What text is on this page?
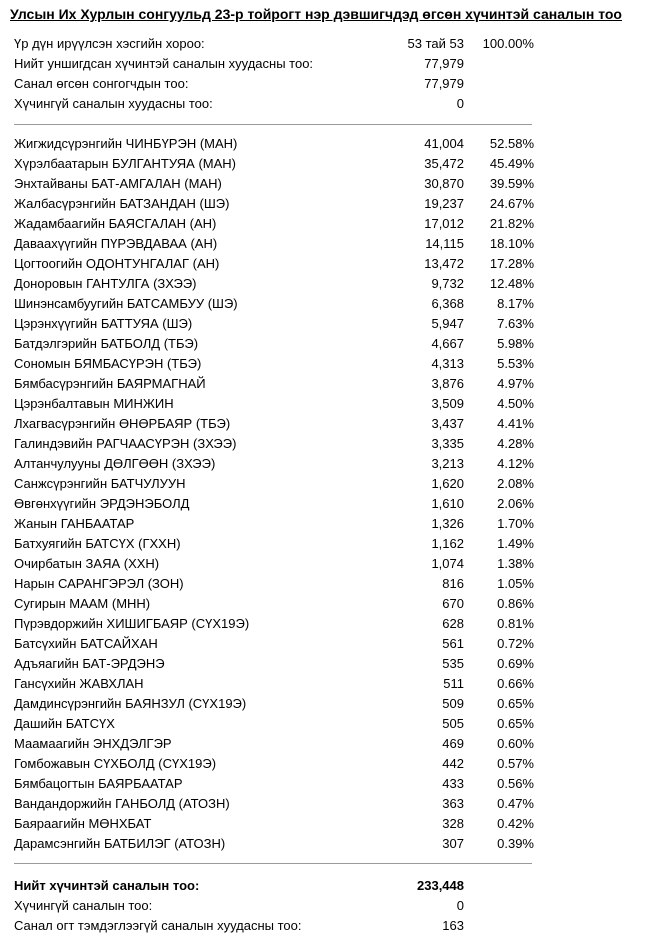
Улсын Их Хурлын сонгуульд 23-р тойрогт нэр дэвшигчдэд өгсөн хүчинтэй саналын тоо
Үр дүн ирүүлсэн хэсгийн хороо:	53 тай 53 100.00%
Нийт уншигдсан хүчинтэй саналын хуудасны тоо:	77,979
Санал өгсөн сонгогчдын тоо:	77,979
Хүчингүй саналын хуудасны тоо:	0
Жигжидсүрэнгийн ЧИНБҮРЭН (МАН)	41,004 52.58%
Хүрэлбаатарын БУЛГАНТУЯА (МАН)	35,472 45.49%
Энхтайваны БАТ-АМГАЛАН (МАН)	30,870 39.59%
Жалбасүрэнгийн БАТЗАНДАН (ШЭ)	19,237 24.67%
Жадамбаагийн БАЯСГАЛАН (АН)	17,012 21.82%
Даваахүүгийн ПҮРЭВДАВАА (АН)	14,115 18.10%
Цогтоогийн ОДОНТУНГАЛАГ (АН)	13,472 17.28%
Доноровын ГАНТУЛГА (ЗХЭЭ)	9,732 12.48%
Шинэнсамбуугийн БАТСАМБУУ (ШЭ)	6,368	8.17%
Цэрэнхүүгийн БАТТУЯА (ШЭ)	5,947	7.63%
Батдэлгэрийн БАТБОЛД (ТБЭ)	4,667	5.98%
Сономын БЯМБАСҮРЭН (ТБЭ)	4,313	5.53%
Бямбасүрэнгийн БАЯРМАГНАЙ	3,876	4.97%
Цэрэнбалтавын МИНЖИН	3,509	4.50%
Лхагвасүрэнгийн ӨНӨРБАЯР (ТБЭ)	3,437	4.41%
Галиндэвийн РАГЧААСҮРЭН (ЗХЭЭ)	3,335	4.28%
Алтанчулууны ДӨЛГӨӨН (ЗХЭЭ)	3,213	4.12%
Санжсүрэнгийн БАТЧУЛУУН	1,620	2.08%
Өвгөнхүүгийн ЭРДЭНЭБОЛД	1,610	2.06%
Жанын ГАНБААТАР	1,326	1.70%
Батхуягийн БАТСҮХ (ГХХН)	1,162	1.49%
Очирбатын ЗАЯА (ХХН)	1,074	1.38%
Нарын САРАНГЭРЭЛ (ЗОН)	816	1.05%
Сугирын МААМ (МНН)	670	0.86%
Пүрэвдоржийн ХИШИГБАЯР (СҮХ19Э)	628	0.81%
Батсүхийн БАТСАЙХАН	561	0.72%
Адъяагийн БАТ-ЭРДЭНЭ	535	0.69%
Гансүхийн ЖАВХЛАН	511	0.66%
Дамдинсүрэнгийн БАЯНЗУЛ (СҮХ19Э)	509	0.65%
Дашийн БАТСҮХ	505	0.65%
Маамаагийн ЭНХДЭЛГЭР	469	0.60%
Гомбожавын СҮХБОЛД (СҮХ19Э)	442	0.57%
Бямбацогтын БАЯРБААТАР	433	0.56%
Вандандоржийн ГАНБОЛД (АТОЗН)	363	0.47%
Баяраагийн МӨНХБАТ	328	0.42%
Дарамсэнгийн БАТБИЛЭГ (АТОЗН)	307	0.39%
Нийт хүчинтэй саналын тоо:	233,448
Хүчингүй саналын тоо:	0
Санал огт тэмдэглээгүй саналын хуудасны тоо:	163
